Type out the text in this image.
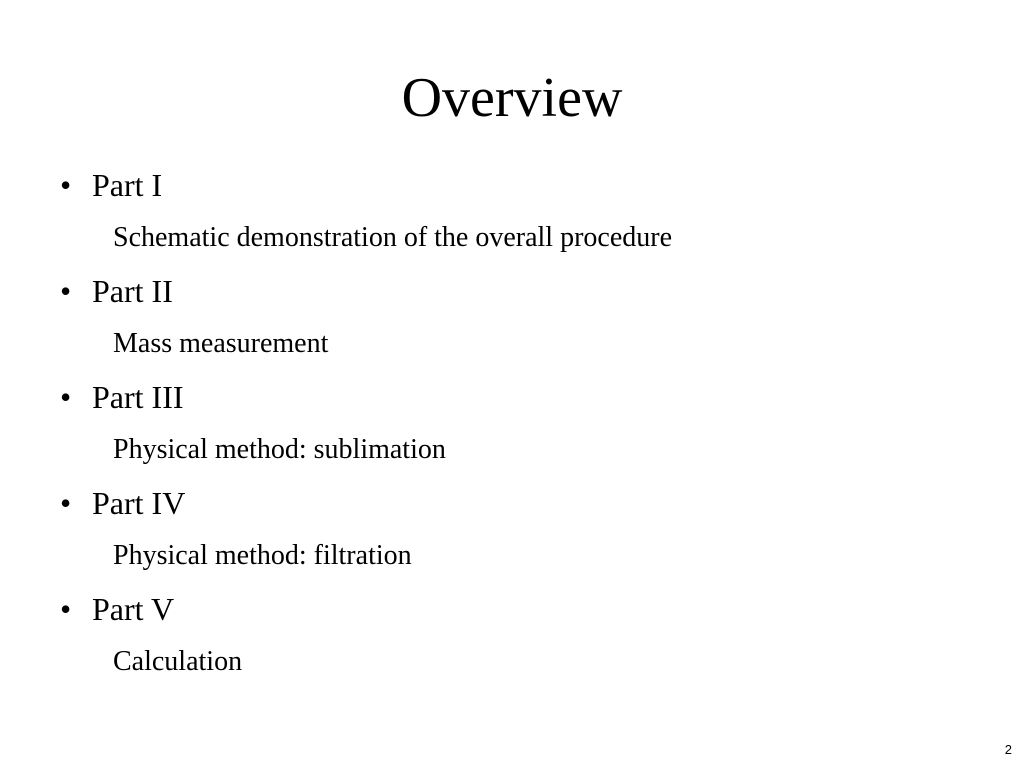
Overview
• Part I
Schematic demonstration of the overall procedure
• Part II
Mass measurement
• Part III
Physical method: sublimation
• Part IV
Physical method: filtration
• Part V
Calculation
2
